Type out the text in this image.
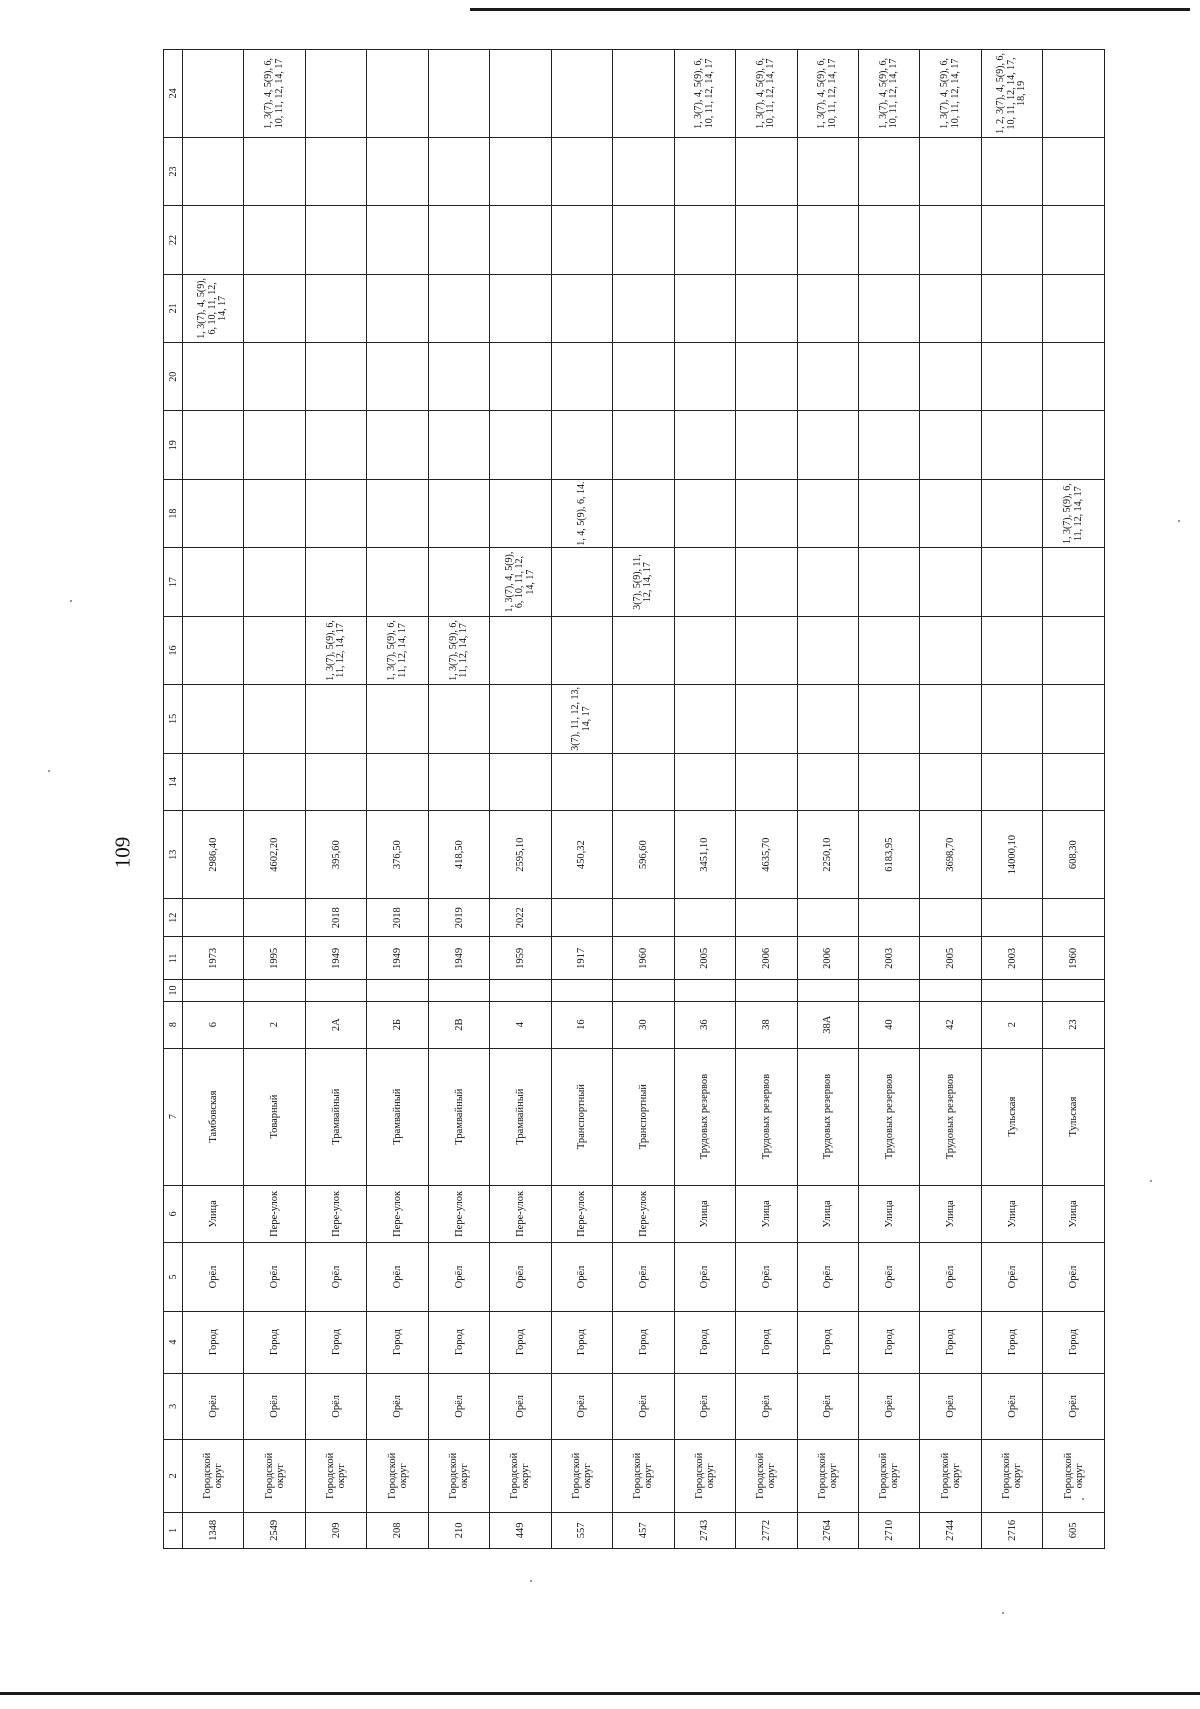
109
1	2	3	4	5	6	7	8	10	11	12	13	14	15	16	17	18	19	20	21	22	23	24
1348	Городской округ	Орёл	Город	Орёл	Улица	Тамбовская	6		1973		2986,40								1, 3(7), 4, 5(9), 6, 10, 11, 12, 14, 17			
2549	Городской округ	Орёл	Город	Орёл	Пере-улок	Товарный	2		1995		4602,20											1, 3(7), 4, 5(9), 6, 10, 11, 12, 14, 17
209	Городской округ	Орёл	Город	Орёл	Пере-улок	Трамвайный	2А		1949	2018	395,60			1, 3(7), 5(9), 6, 11, 12, 14, 17								
208	Городской округ	Орёл	Город	Орёл	Пере-улок	Трамвайный	2Б		1949	2018	376,50			1, 3(7), 5(9), 6, 11, 12, 14, 17								
210	Городской округ	Орёл	Город	Орёл	Пере-улок	Трамвайный	2В		1949	2019	418,50			1, 3(7), 5(9), 6, 11, 12, 14, 17								
449	Городской округ	Орёл	Город	Орёл	Пере-улок	Трамвайный	4		1959	2022	2595,10				1, 3(7), 4, 5(9), 6, 10, 11, 12, 14, 17							
557	Городской округ	Орёл	Город	Орёл	Пере-улок	Транспортный	16		1917		450,32		3(7), 11, 12, 13, 14, 17			1, 4, 5(9), 6, 14.						
457	Городской округ	Орёл	Город	Орёл	Пере-улок	Транспортный	30		1960		596,60				3(7), 5(9), 11, 12, 14, 17							
2743	Городской округ	Орёл	Город	Орёл	Улица	Трудовых резервов	36		2005		3451,10											1, 3(7), 4, 5(9), 6, 10, 11, 12, 14, 17
2772	Городской округ	Орёл	Город	Орёл	Улица	Трудовых резервов	38		2006		4635,70											1, 3(7), 4, 5(9), 6, 10, 11, 12, 14, 17
2764	Городской округ	Орёл	Город	Орёл	Улица	Трудовых резервов	38А		2006		2250,10											1, 3(7), 4, 5(9), 6, 10, 11, 12, 14, 17
2710	Городской округ	Орёл	Город	Орёл	Улица	Трудовых резервов	40		2003		6183,95											1, 3(7), 4, 5(9), 6, 10, 11, 12, 14, 17
2744	Городской округ	Орёл	Город	Орёл	Улица	Трудовых резервов	42		2005		3698,70											1, 3(7), 4, 5(9), 6, 10, 11, 12, 14, 17
2716	Городской округ	Орёл	Город	Орёл	Улица	Тульская	2		2003		14000,10											1, 2, 3(7), 4, 5(9), 6, 10, 11, 12, 14, 17, 18, 19
605	Городской округ	Орёл	Город	Орёл	Улица	Тульская	23		1960		608,30					1, 3(7), 5(9), 6, 11, 12, 14, 17						
